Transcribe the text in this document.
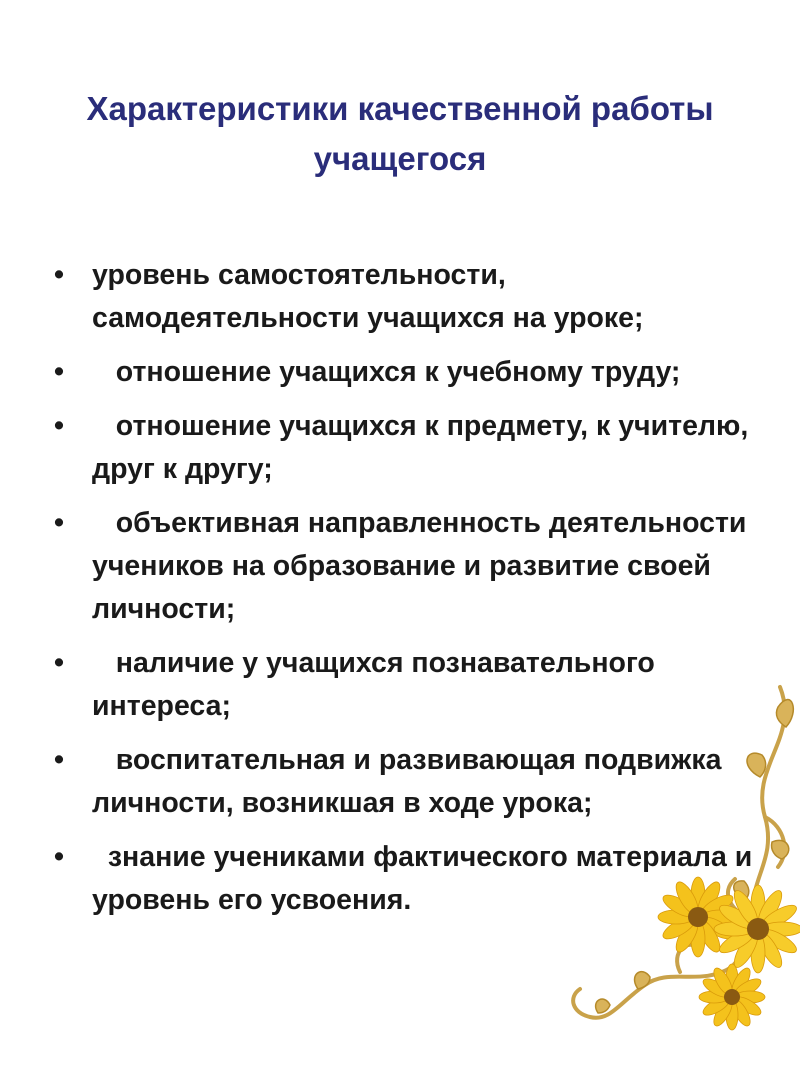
Характеристики качественной работы учащегося
• уровень самостоятельности, самодеятельности учащихся на уроке;
• отношение учащихся к учебному труду;
• отношение учащихся к предмету, к учителю, друг к другу;
• объективная направленность деятельности учеников на образование и развитие своей личности;
• наличие у учащихся познавательного интереса;
• воспитательная и развивающая подвижка личности, возникшая в ходе урока;
• знание учениками фактического материала и уровень его усвоения.
